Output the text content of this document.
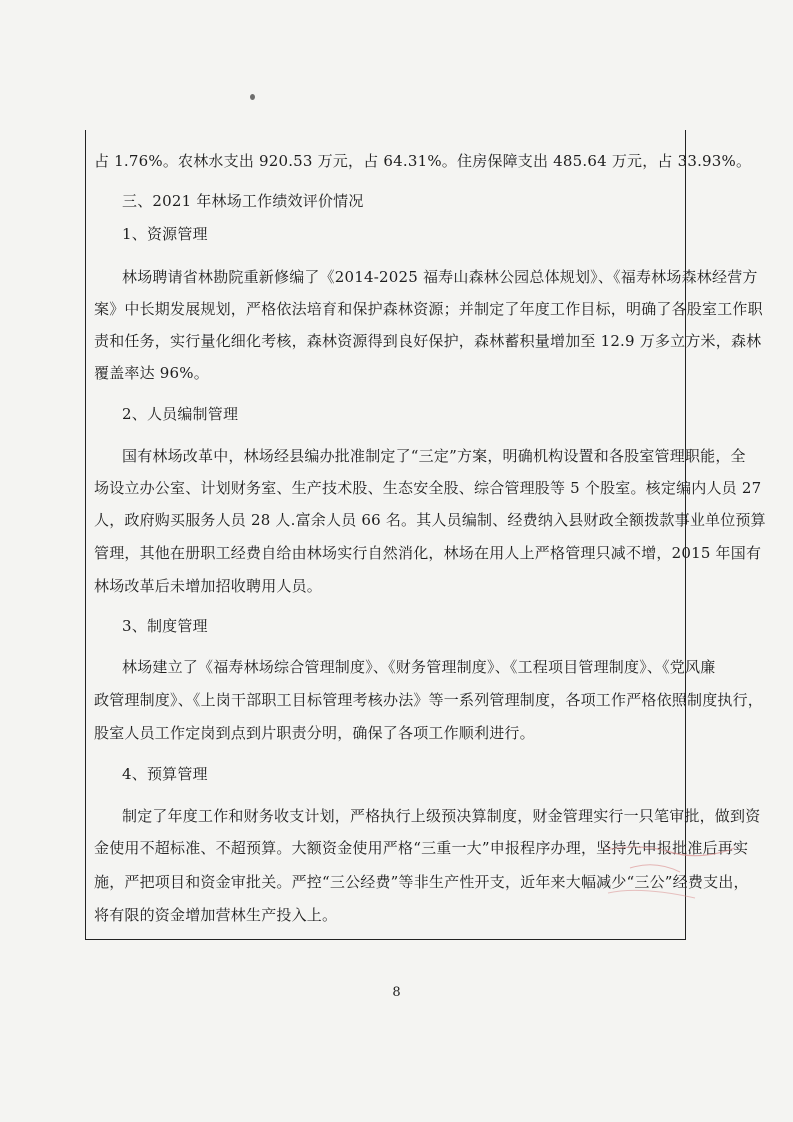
占 1.76%。农林水支出 920.53 万元，占 64.31%。住房保障支出 485.64 万元，占 33.93%。
三、2021 年林场工作绩效评价情况
1、资源管理
林场聘请省林勘院重新修编了《2014-2025 福寿山森林公园总体规划》、《福寿林场森林经营方
案》中长期发展规划，严格依法培育和保护森林资源；并制定了年度工作目标，明确了各股室工作职
责和任务，实行量化细化考核，森林资源得到良好保护，森林蓄积量增加至 12.9 万多立方米，森林
覆盖率达 96%。
2、人员编制管理
国有林场改革中，林场经县编办批准制定了“三定”方案，明确机构设置和各股室管理职能，全
场设立办公室、计划财务室、生产技术股、生态安全股、综合管理股等 5 个股室。核定编内人员 27
人，政府购买服务人员 28 人.富余人员 66 名。其人员编制、经费纳入县财政全额拨款事业单位预算
管理，其他在册职工经费自给由林场实行自然消化，林场在用人上严格管理只减不增，2015 年国有
林场改革后未增加招收聘用人员。
3、制度管理
林场建立了《福寿林场综合管理制度》、《财务管理制度》、《工程项目管理制度》、《党风廉
政管理制度》、《上岗干部职工目标管理考核办法》等一系列管理制度，各项工作严格依照制度执行，
股室人员工作定岗到点到片职责分明，确保了各项工作顺利进行。
4、预算管理
制定了年度工作和财务收支计划，严格执行上级预决算制度，财金管理实行一只笔审批，做到资
金使用不超标准、不超预算。大额资金使用严格“三重一大”申报程序办理，坚持先申报批准后再实
施，严把项目和资金审批关。严控“三公经费”等非生产性开支，近年来大幅减少“三公”经费支出，
将有限的资金增加营林生产投入上。
8
